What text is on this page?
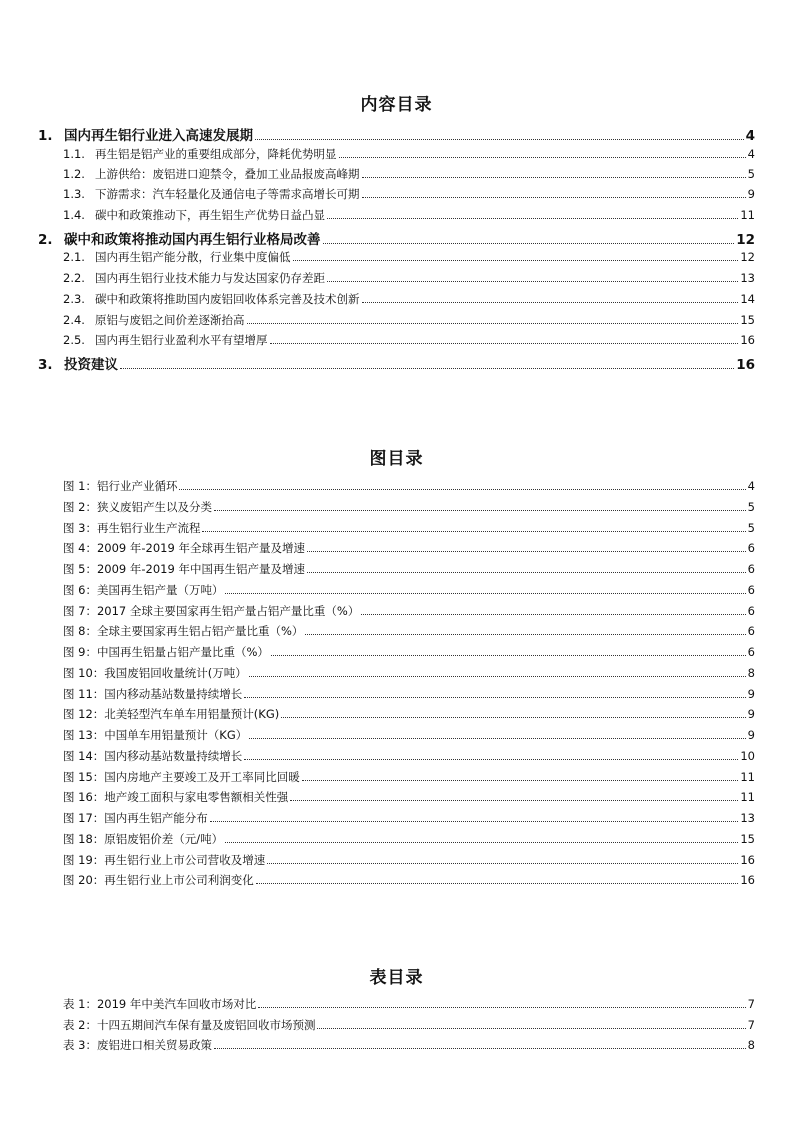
内容目录
1. 国内再生铝行业进入高速发展期	4
1.1. 再生铝是铝产业的重要组成部分，降耗优势明显	4
1.2. 上游供给：废铝进口迎禁令，叠加工业品报废高峰期	5
1.3. 下游需求：汽车轻量化及通信电子等需求高增长可期	9
1.4. 碳中和政策推动下，再生铝生产优势日益凸显	11
2. 碳中和政策将推动国内再生铝行业格局改善	12
2.1. 国内再生铝产能分散，行业集中度偏低	12
2.2. 国内再生铝行业技术能力与发达国家仍存差距	13
2.3. 碳中和政策将推助国内废铝回收体系完善及技术创新	14
2.4. 原铝与废铝之间价差逐渐抬高	15
2.5. 国内再生铝行业盈利水平有望增厚	16
3. 投资建议	16
图目录
图 1：铝行业产业循环	4
图 2：狭义废铝产生以及分类	5
图 3：再生铝行业生产流程	5
图 4：2009 年-2019 年全球再生铝产量及增速	6
图 5：2009 年-2019 年中国再生铝产量及增速	6
图 6：美国再生铝产量（万吨）	6
图 7：2017 全球主要国家再生铝产量占铝产量比重（%）	6
图 8：全球主要国家再生铝占铝产量比重（%）	6
图 9：中国再生铝量占铝产量比重（%）	6
图 10：我国废铝回收量统计(万吨）	8
图 11：国内移动基站数量持续增长	9
图 12：北美轻型汽车单车用铝量预计(KG)	9
图 13：中国单车用铝量预计（KG）	9
图 14：国内移动基站数量持续增长	10
图 15：国内房地产主要竣工及开工率同比回暖	11
图 16：地产竣工面积与家电零售额相关性强	11
图 17：国内再生铝产能分布	13
图 18：原铝废铝价差（元/吨）	15
图 19：再生铝行业上市公司营收及增速	16
图 20：再生铝行业上市公司利润变化	16
表目录
表 1：2019 年中美汽车回收市场对比	7
表 2：十四五期间汽车保有量及废铝回收市场预测	7
表 3：废铝进口相关贸易政策	8
